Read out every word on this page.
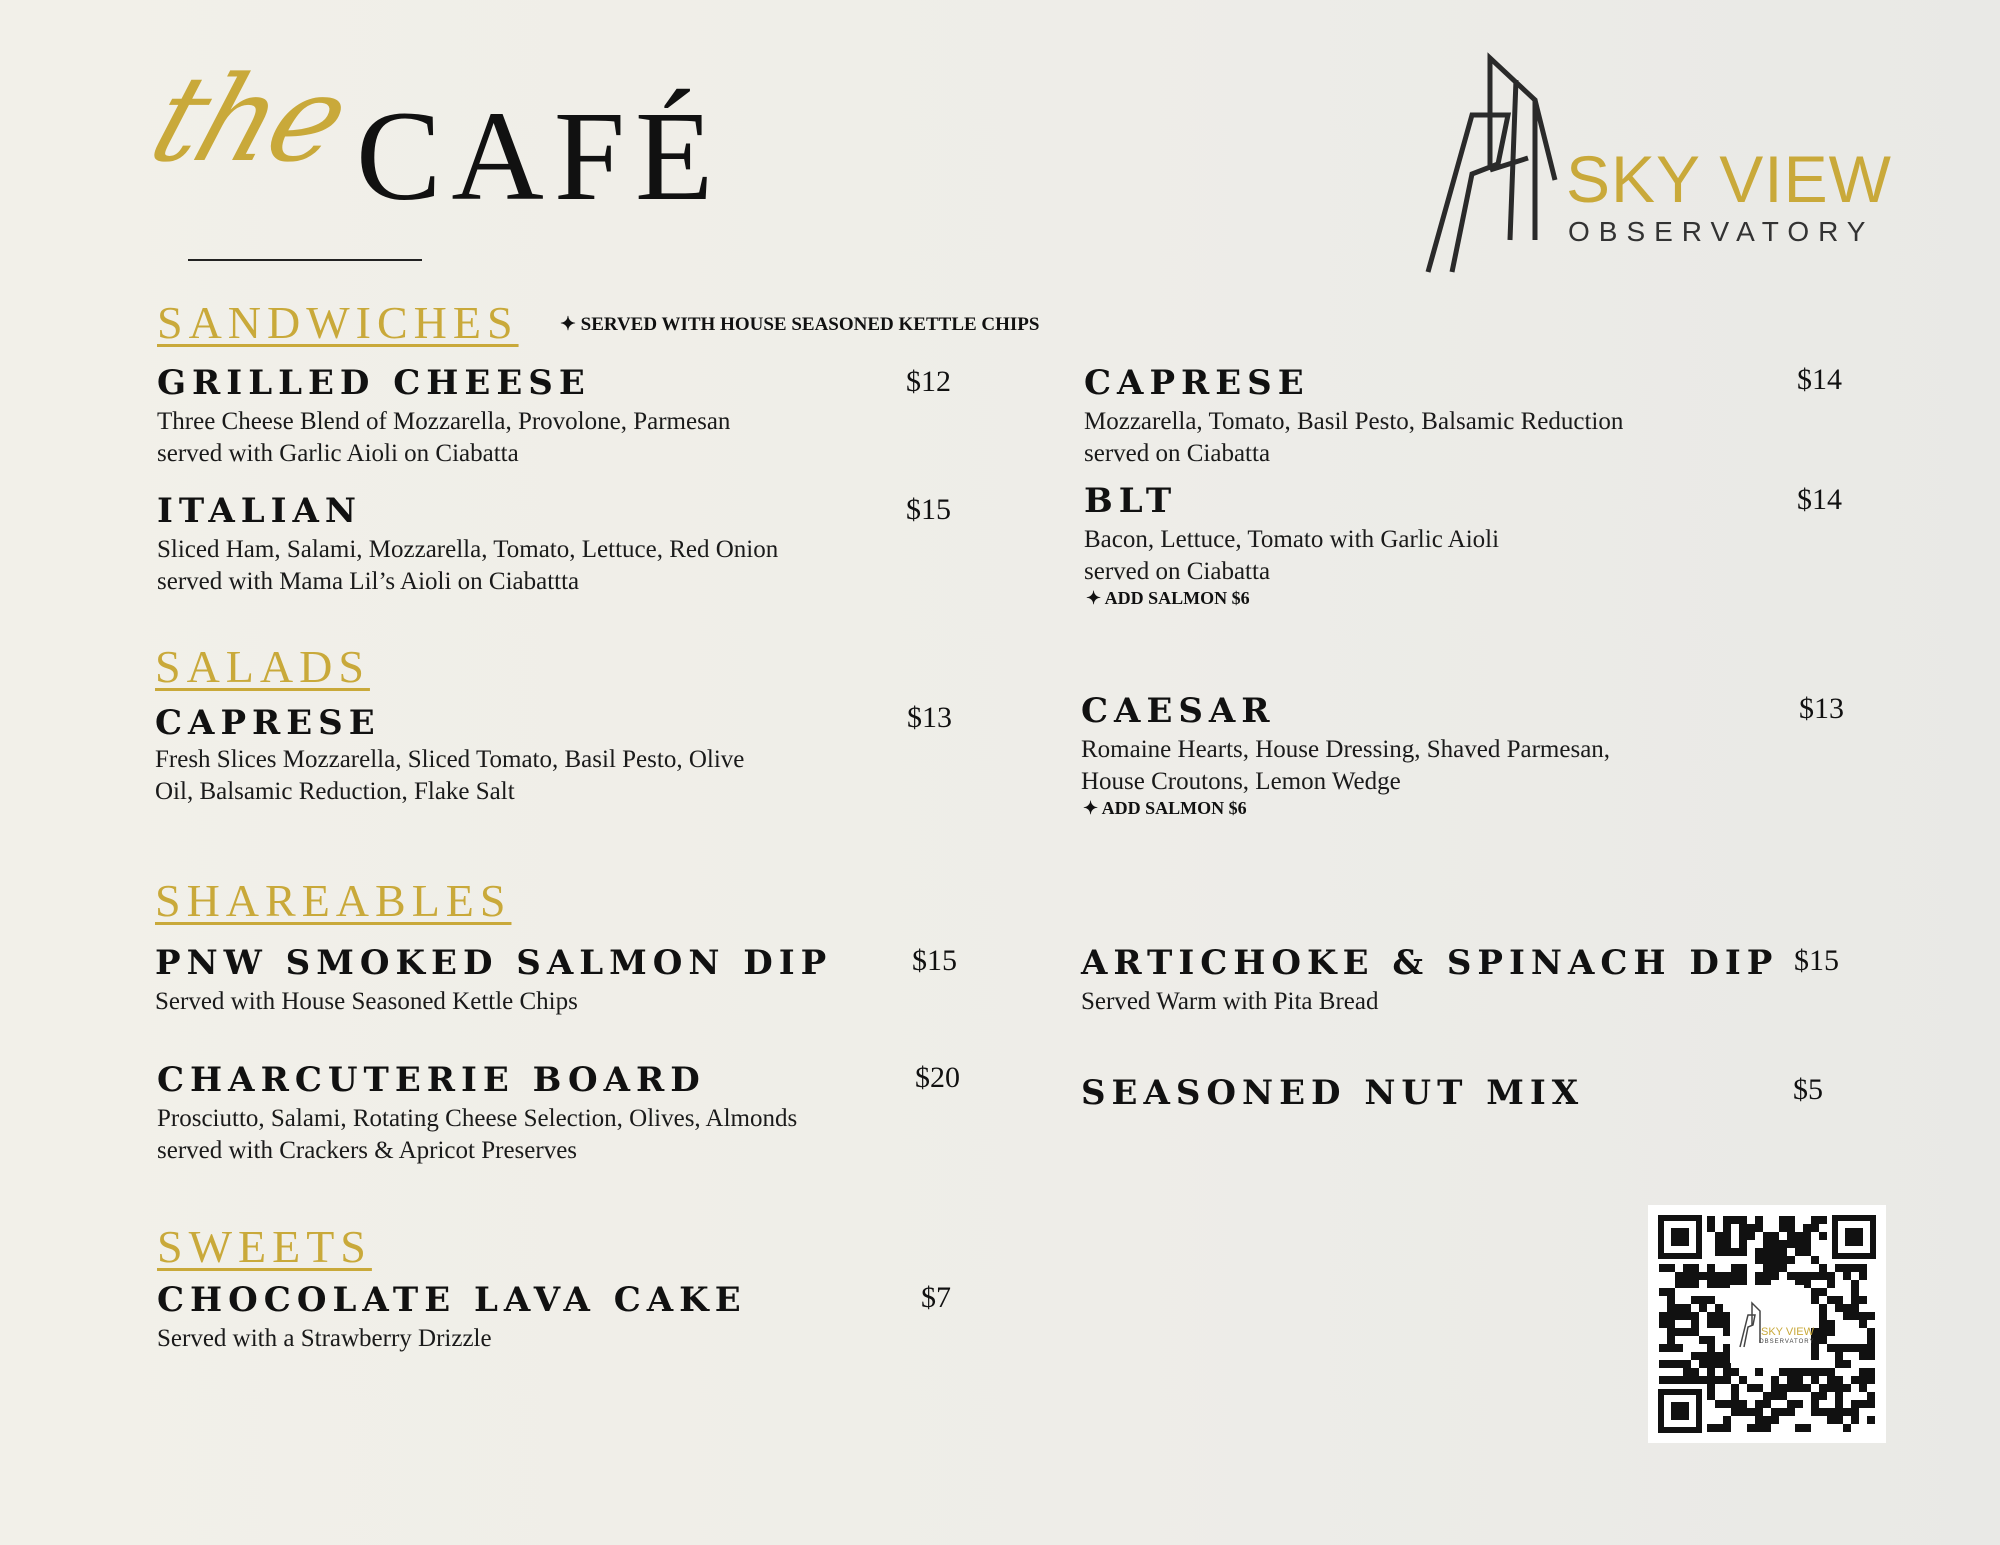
the
CAFÉ	SKY VIEW
OBSERVATORY
SANDWICHES ✦ SERVED WITH HOUSE SEASONED KETTLE CHIPS
GRILLED CHEESE	$12
Three Cheese Blend of Mozzarella, Provolone, Parmesan
served with Garlic Aioli on Ciabatta
ITALIAN	$15
Sliced Ham, Salami, Mozzarella, Tomato, Lettuce, Red Onion
served with Mama Lil’s Aioli on Ciabattta
CAPRESE	$14
Mozzarella, Tomato, Basil Pesto, Balsamic Reduction
served on Ciabatta
BLT	$14
Bacon, Lettuce, Tomato with Garlic Aioli
served on Ciabatta
✦ ADD SALMON $6
SALADS
CAPRESE	$13
Fresh Slices Mozzarella, Sliced Tomato, Basil Pesto, Olive
Oil, Balsamic Reduction, Flake Salt
CAESAR	$13
Romaine Hearts, House Dressing, Shaved Parmesan,
House Croutons, Lemon Wedge
✦ ADD SALMON $6
SHAREABLES
PNW SMOKED SALMON DIP	$15
Served with House Seasoned Kettle Chips
ARTICHOKE & SPINACH DIP $15
Served Warm with Pita Bread
CHARCUTERIE BOARD	$20
Prosciutto, Salami, Rotating Cheese Selection, Olives, Almonds
served with Crackers & Apricot Preserves
SEASONED NUT MIX	$5
SWEETS
CHOCOLATE LAVA CAKE	$7
Served with a Strawberry Drizzle	SKY VIEW
OBSERVATORY
